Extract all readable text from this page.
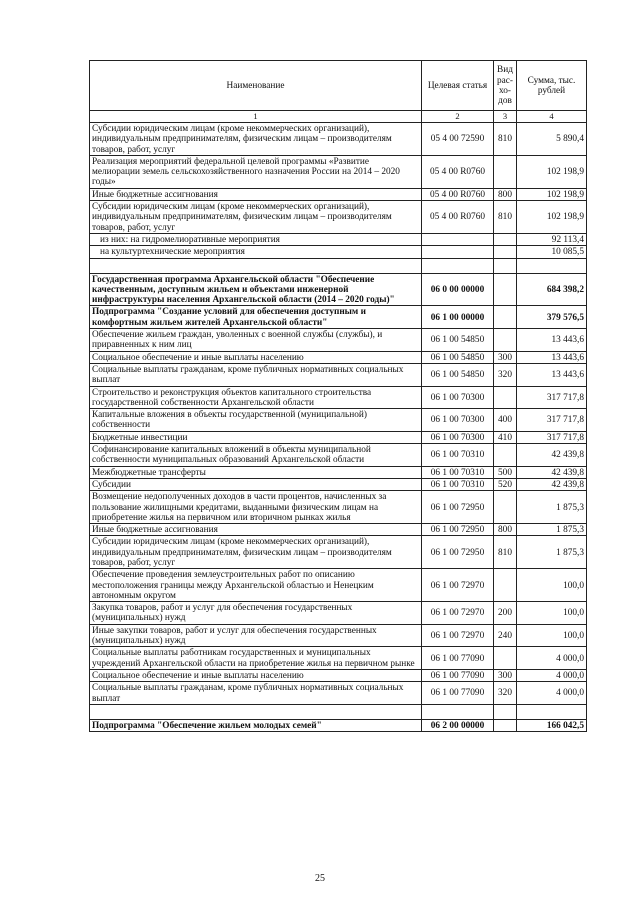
Наименование	Целевая статья	Вид рас-хо-дов	Сумма, тыс. рублей
1	2	3	4
Субсидии юридическим лицам (кроме некоммерческих организаций), индивидуальным предпринимателям, физическим лицам – производителям товаров, работ, услуг	05 4 00 72590	810	5 890,4
Реализация мероприятий федеральной целевой программы «Развитие мелиорации земель сельскохозяйственного назначения России на 2014 – 2020 годы»	05 4 00 R0760		102 198,9
Иные бюджетные ассигнования	05 4 00 R0760	800	102 198,9
Субсидии юридическим лицам (кроме некоммерческих организаций), индивидуальным предпринимателям, физическим лицам – производителям товаров, работ, услуг	05 4 00 R0760	810	102 198,9
из них: на гидромелиоративные мероприятия			92 113,4
на культуртехнические мероприятия			10 085,5

Государственная программа Архангельской области "Обеспечение качественным, доступным жильем и объектами инженерной инфраструктуры населения Архангельской области (2014 – 2020 годы)"	06 0 00 00000		684 398,2
Подпрограмма "Создание условий для обеспечения доступным и комфортным жильем жителей Архангельской области"	06 1 00 00000		379 576,5
Обеспечение жильем граждан, уволенных с военной службы (службы), и приравненных к ним лиц	06 1 00 54850		13 443,6
Социальное обеспечение и иные выплаты населению	06 1 00 54850	300	13 443,6
Социальные выплаты гражданам, кроме публичных нормативных социальных выплат	06 1 00 54850	320	13 443,6
Строительство и реконструкция объектов капитального строительства государственной собственности Архангельской области	06 1 00 70300		317 717,8
Капитальные вложения в объекты государственной (муниципальной) собственности	06 1 00 70300	400	317 717,8
Бюджетные инвестиции	06 1 00 70300	410	317 717,8
Софинансирование капитальных вложений в объекты муниципальной собственности муниципальных образований Архангельской области	06 1 00 70310		42 439,8
Межбюджетные трансферты	06 1 00 70310	500	42 439,8
Субсидии	06 1 00 70310	520	42 439,8
Возмещение недополученных доходов в части процентов, начисленных за пользование жилищными кредитами, выданными физическим лицам на приобретение жилья на первичном или вторичном рынках жилья	06 1 00 72950		1 875,3
Иные бюджетные ассигнования	06 1 00 72950	800	1 875,3
Субсидии юридическим лицам (кроме некоммерческих организаций), индивидуальным предпринимателям, физическим лицам – производителям товаров, работ, услуг	06 1 00 72950	810	1 875,3
Обеспечение проведения землеустроительных работ по описанию местоположения границы между Архангельской областью и Ненецким автономным округом	06 1 00 72970		100,0
Закупка товаров, работ и услуг для обеспечения государственных (муниципальных) нужд	06 1 00 72970	200	100,0
Иные закупки товаров, работ и услуг для обеспечения государственных (муниципальных) нужд	06 1 00 72970	240	100,0
Социальные выплаты работникам государственных и муниципальных учреждений Архангельской области на приобретение жилья на первичном рынке	06 1 00 77090		4 000,0
Социальное обеспечение и иные выплаты населению	06 1 00 77090	300	4 000,0
Социальные выплаты гражданам, кроме публичных нормативных социальных выплат	06 1 00 77090	320	4 000,0

Подпрограмма "Обеспечение жильем молодых семей"	06 2 00 00000		166 042,5
25
